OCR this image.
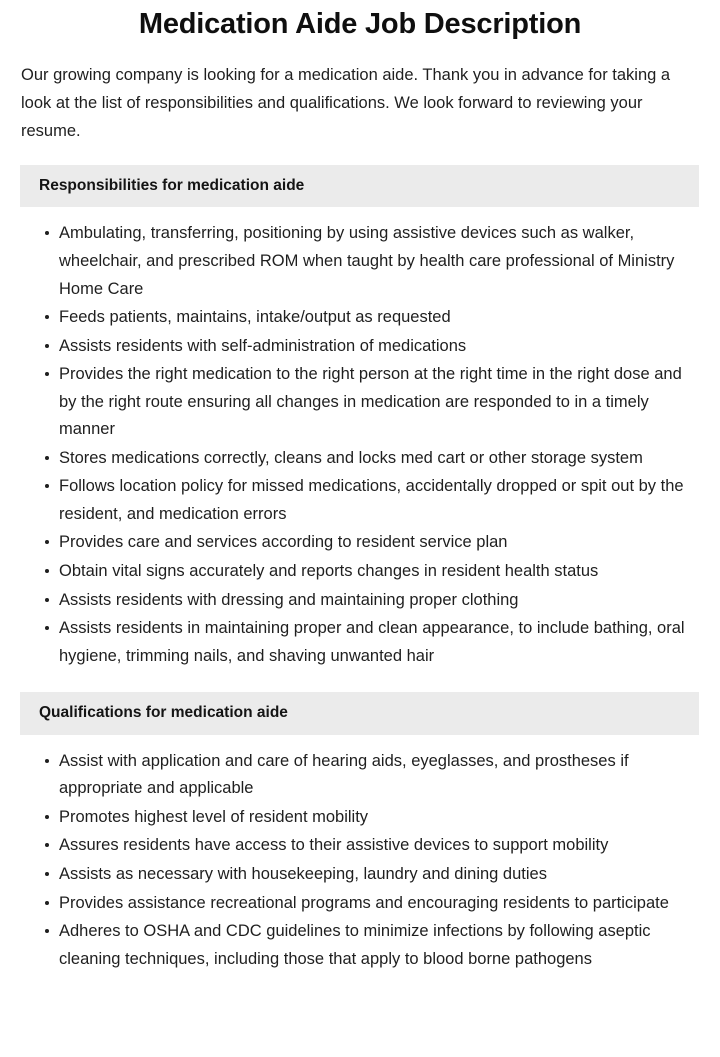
Medication Aide Job Description

Our growing company is looking for a medication aide. Thank you in advance for taking a look at the list of responsibilities and qualifications. We look forward to reviewing your resume.

Responsibilities for medication aide
Ambulating, transferring, positioning by using assistive devices such as walker, wheelchair, and prescribed ROM when taught by health care professional of Ministry Home Care
Feeds patients, maintains, intake/output as requested
Assists residents with self-administration of medications
Provides the right medication to the right person at the right time in the right dose and by the right route ensuring all changes in medication are responded to in a timely manner
Stores medications correctly, cleans and locks med cart or other storage system
Follows location policy for missed medications, accidentally dropped or spit out by the resident, and medication errors
Provides care and services according to resident service plan
Obtain vital signs accurately and reports changes in resident health status
Assists residents with dressing and maintaining proper clothing
Assists residents in maintaining proper and clean appearance, to include bathing, oral hygiene, trimming nails, and shaving unwanted hair
Qualifications for medication aide
Assist with application and care of hearing aids, eyeglasses, and prostheses if appropriate and applicable
Promotes highest level of resident mobility
Assures residents have access to their assistive devices to support mobility
Assists as necessary with housekeeping, laundry and dining duties
Provides assistance recreational programs and encouraging residents to participate
Adheres to OSHA and CDC guidelines to minimize infections by following aseptic cleaning techniques, including those that apply to blood borne pathogens
